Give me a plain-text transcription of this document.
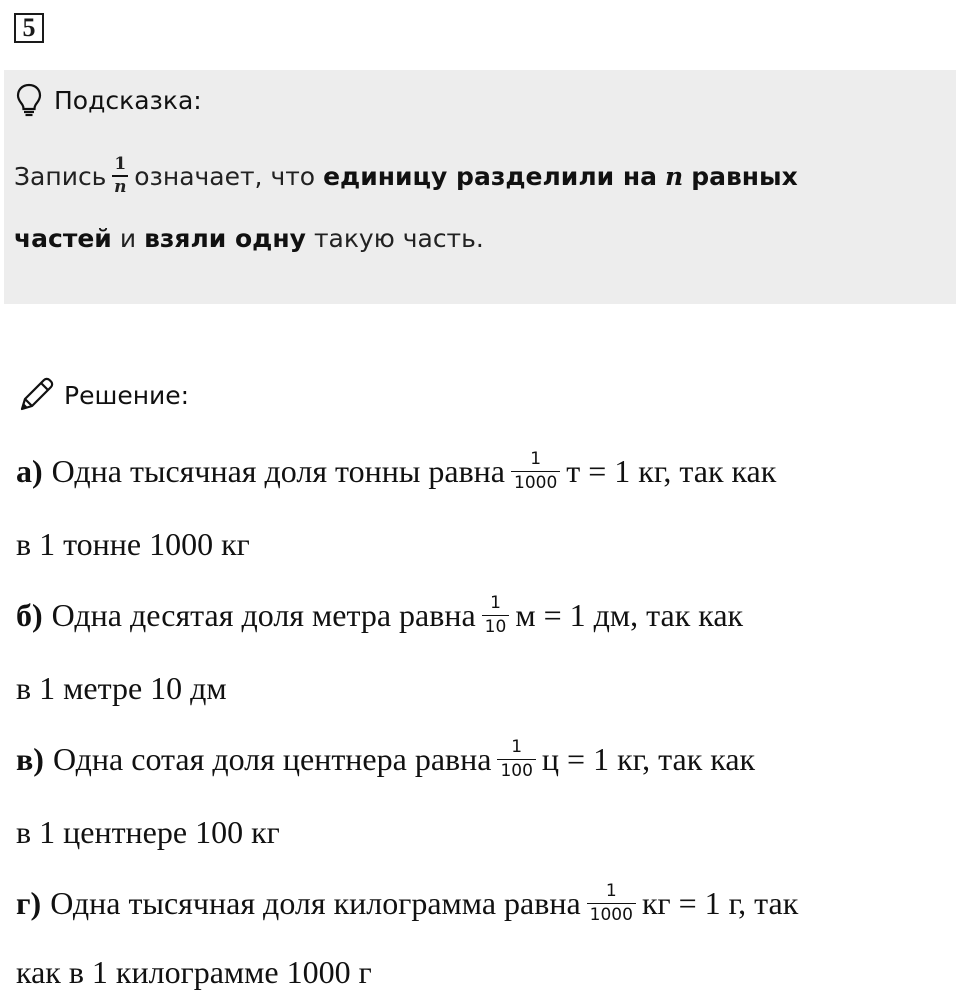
5
Подсказка:
Запись $\frac{1}{n}$ означает, что единицу разделили на n равных
частей и взяли одну такую часть.
Решение:
а) Одна тысячная доля тонны равна $\frac{1}{1000}$ т = 1 кг, так как
в 1 тонне 1000 кг
б) Одна десятая доля метра равна $\frac{1}{10}$ м = 1 дм, так как
в 1 метре 10 дм
в) Одна сотая доля центнера равна $\frac{1}{100}$ ц = 1 кг, так как
в 1 центнере 100 кг
г) Одна тысячная доля килограмма равна $\frac{1}{1000}$ кг = 1 г, так
как в 1 килограмме 1000 г
